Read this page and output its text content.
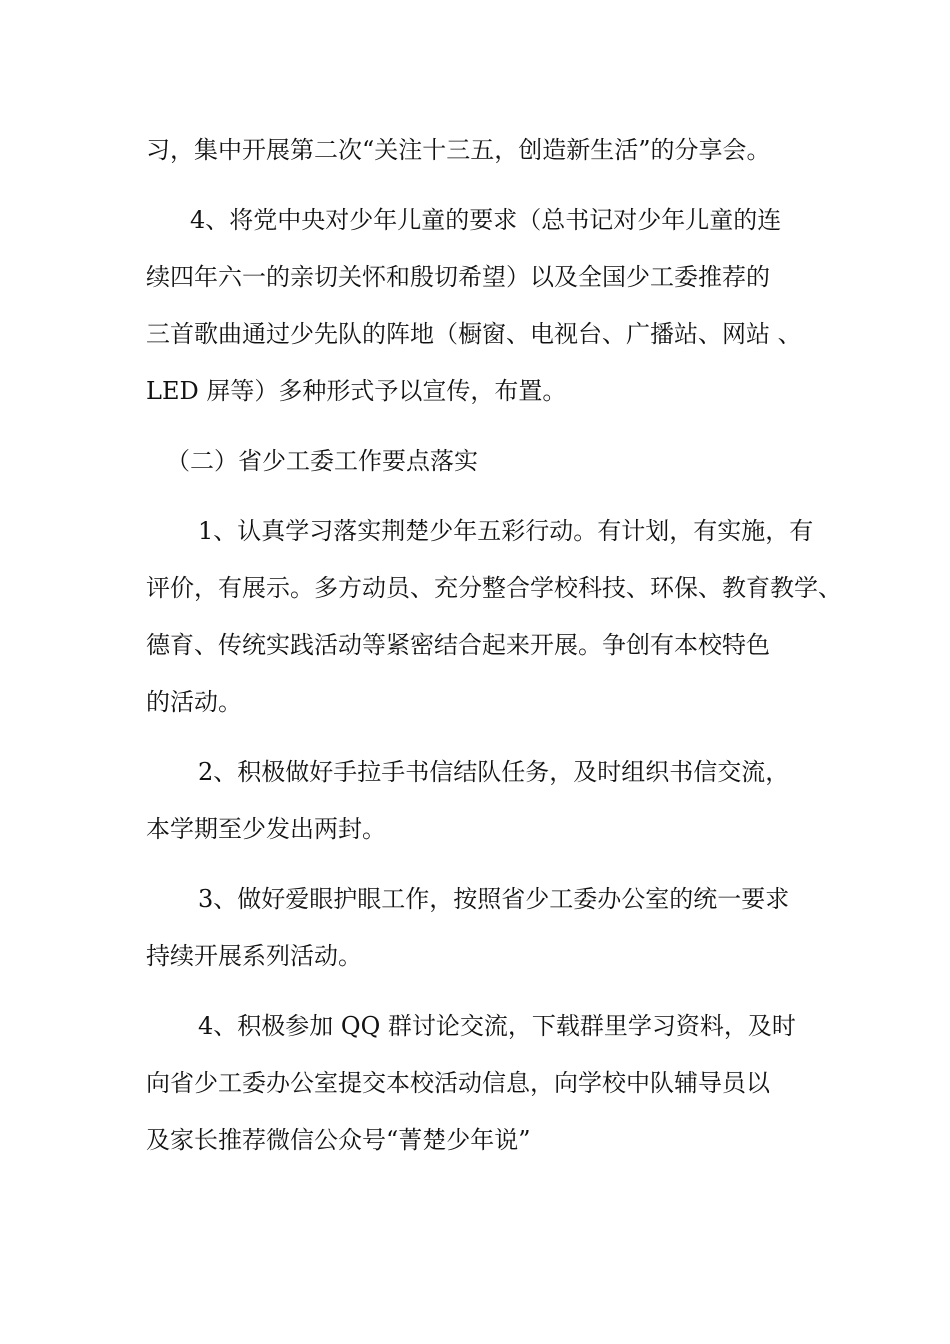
习，集中开展第二次“关注十三五，创造新生活”的分享会。
4、将党中央对少年儿童的要求（总书记对少年儿童的连
续四年六一的亲切关怀和殷切希望）以及全国少工委推荐的
三首歌曲通过少先队的阵地（橱窗、电视台、广播站、网站 、
LED 屏等）多种形式予以宣传，布置。
（二）省少工委工作要点落实
1、认真学习落实荆楚少年五彩行动。有计划，有实施，有
评价，有展示。多方动员、充分整合学校科技、环保、教育教学、
德育、传统实践活动等紧密结合起来开展。争创有本校特色
的活动。
2、积极做好手拉手书信结队任务，及时组织书信交流，
本学期至少发出两封。
3、做好爱眼护眼工作，按照省少工委办公室的统一要求
持续开展系列活动。
4、积极参加 QQ 群讨论交流，下载群里学习资料，及时
向省少工委办公室提交本校活动信息，向学校中队辅导员以
及家长推荐微信公众号“菁楚少年说”
